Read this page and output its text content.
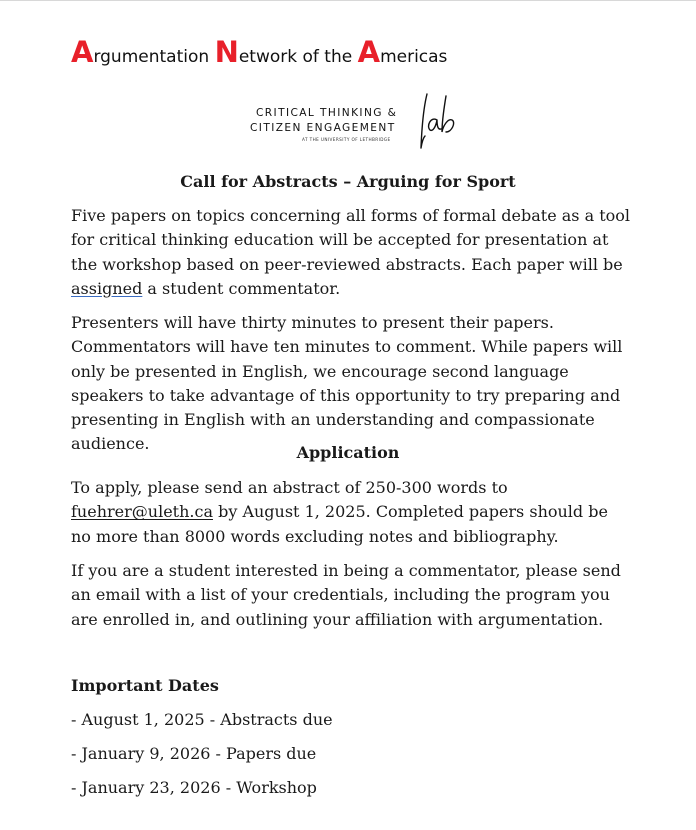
Argumentation Network of the Americas
CRITICAL THINKING &
CITIZEN ENGAGEMENT
AT THE UNIVERSITY OF LETHBRIDGE
Call for Abstracts – Arguing for Sport

Five papers on topics concerning all forms of formal debate as a tool for critical thinking education will be accepted for presentation at the workshop based on peer-reviewed abstracts. Each paper will be assigned a student commentator.

Presenters will have thirty minutes to present their papers. Commentators will have ten minutes to comment. While papers will only be presented in English, we encourage second language speakers to take advantage of this opportunity to try preparing and presenting in English with an understanding and compassionate audience.	Application

To apply, please send an abstract of 250-300 words to fuehrer@uleth.ca by August 1, 2025. Completed papers should be no more than 8000 words excluding notes and bibliography.

If you are a student interested in being a commentator, please send an email with a list of your credentials, including the program you are enrolled in, and outlining your affiliation with argumentation.

Important Dates

- August 1, 2025 - Abstracts due

- January 9, 2026 - Papers due

- January 23, 2026 - Workshop
